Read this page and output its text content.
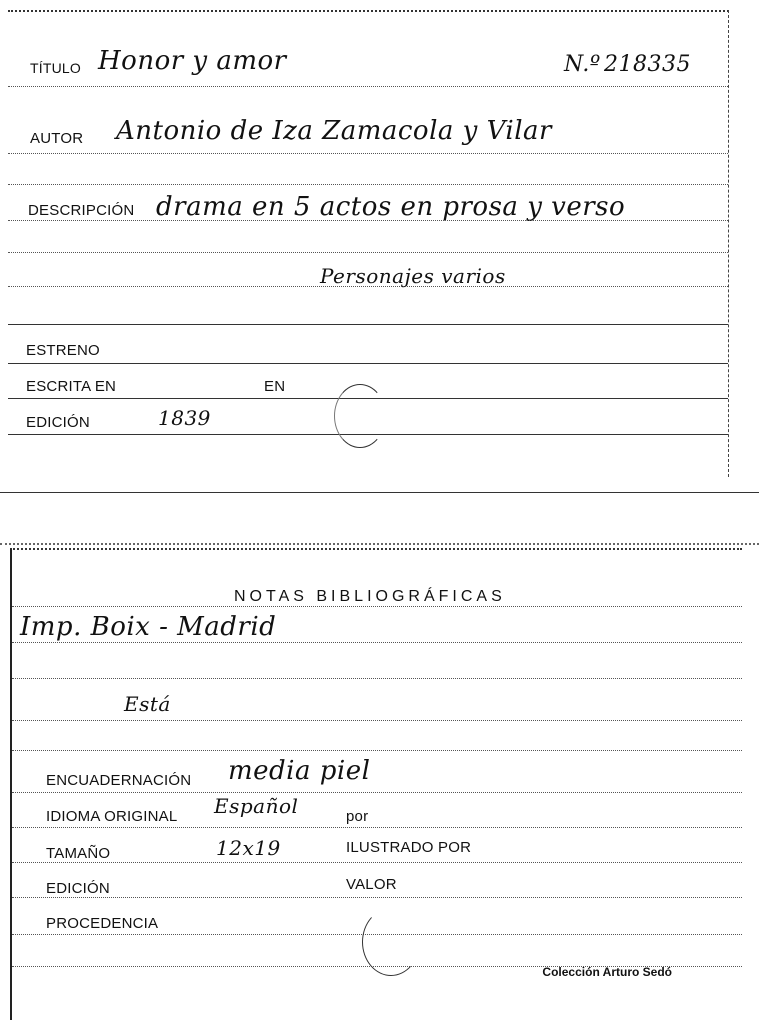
TÍTULO Honor y amor	N.º 218335
AUTOR Antonio de Iza Zamacola y Vilar
DESCRIPCIÓN drama en 5 actos en prosa y verso
Personajes varios
ESTRENO
ESCRITA EN	EN
EDICIÓN	1839
NOTAS BIBLIOGRÁFICAS
Imp. Boix - Madrid
Está
ENCUADERNACIÓN media piel
IDIOMA ORIGINAL Español	por
TAMAÑO	12x19	ILUSTRADO POR
EDICIÓN	VALOR
PROCEDENCIA
Colección Arturo Sedó
